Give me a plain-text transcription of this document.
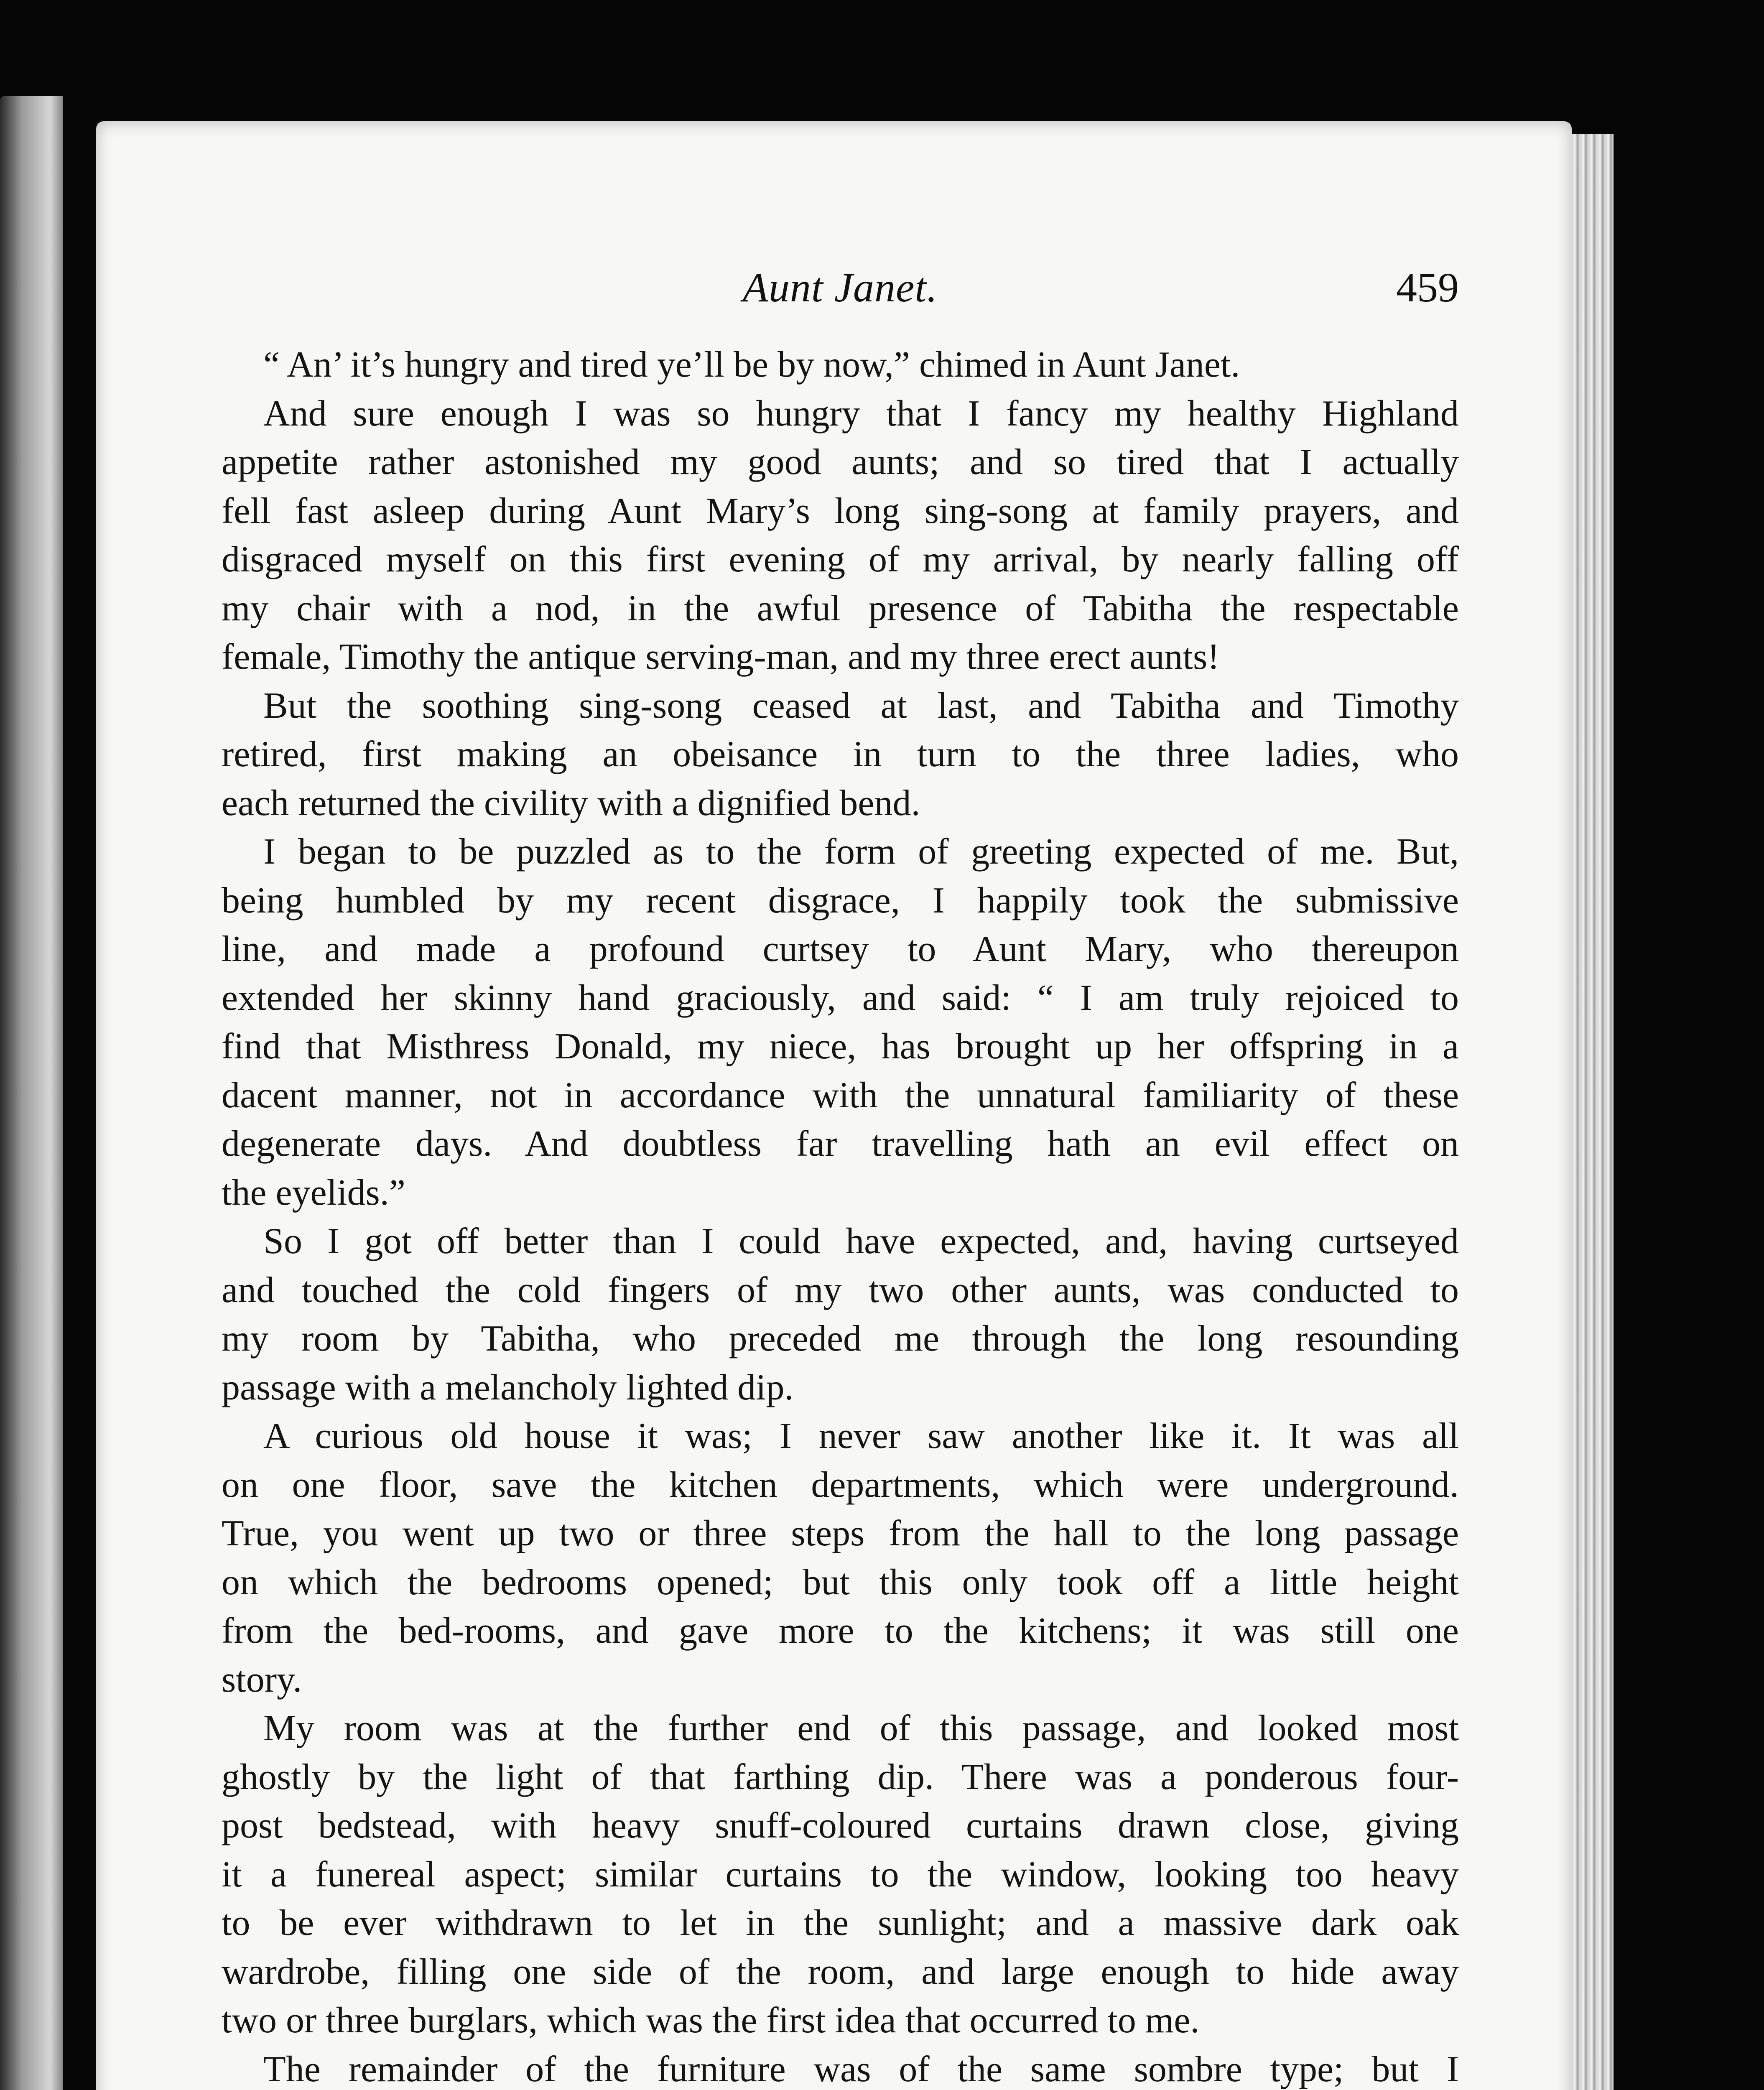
Aunt Janet.	459
“ An’ it’s hungry and tired ye’ll be by now,” chimed in Aunt Janet.
And sure enough I was so hungry that I fancy my healthy Highland
appetite rather astonished my good aunts; and so tired that I actually
fell fast asleep during Aunt Mary’s long sing-song at family prayers, and
disgraced myself on this first evening of my arrival, by nearly falling off
my chair with a nod, in the awful presence of Tabitha the respectable
female, Timothy the antique serving-man, and my three erect aunts!
But the soothing sing-song ceased at last, and Tabitha and Timothy
retired, first making an obeisance in turn to the three ladies, who
each returned the civility with a dignified bend.
I began to be puzzled as to the form of greeting expected of me. But,
being humbled by my recent disgrace, I happily took the submissive
line, and made a profound curtsey to Aunt Mary, who thereupon
extended her skinny hand graciously, and said: “ I am truly rejoiced to
find that Misthress Donald, my niece, has brought up her offspring in a
dacent manner, not in accordance with the unnatural familiarity of these
degenerate days. And doubtless far travelling hath an evil effect on
the eyelids.”
So I got off better than I could have expected, and, having curtseyed
and touched the cold fingers of my two other aunts, was conducted to
my room by Tabitha, who preceded me through the long resounding
passage with a melancholy lighted dip.
A curious old house it was; I never saw another like it. It was all
on one floor, save the kitchen departments, which were underground.
True, you went up two or three steps from the hall to the long passage
on which the bedrooms opened; but this only took off a little height
from the bed-rooms, and gave more to the kitchens; it was still one
story.
My room was at the further end of this passage, and looked most
ghostly by the light of that farthing dip. There was a ponderous four-
post bedstead, with heavy snuff-coloured curtains drawn close, giving
it a funereal aspect; similar curtains to the window, looking too heavy
to be ever withdrawn to let in the sunlight; and a massive dark oak
wardrobe, filling one side of the room, and large enough to hide away
two or three burglars, which was the first idea that occurred to me.
The remainder of the furniture was of the same sombre type; but I
